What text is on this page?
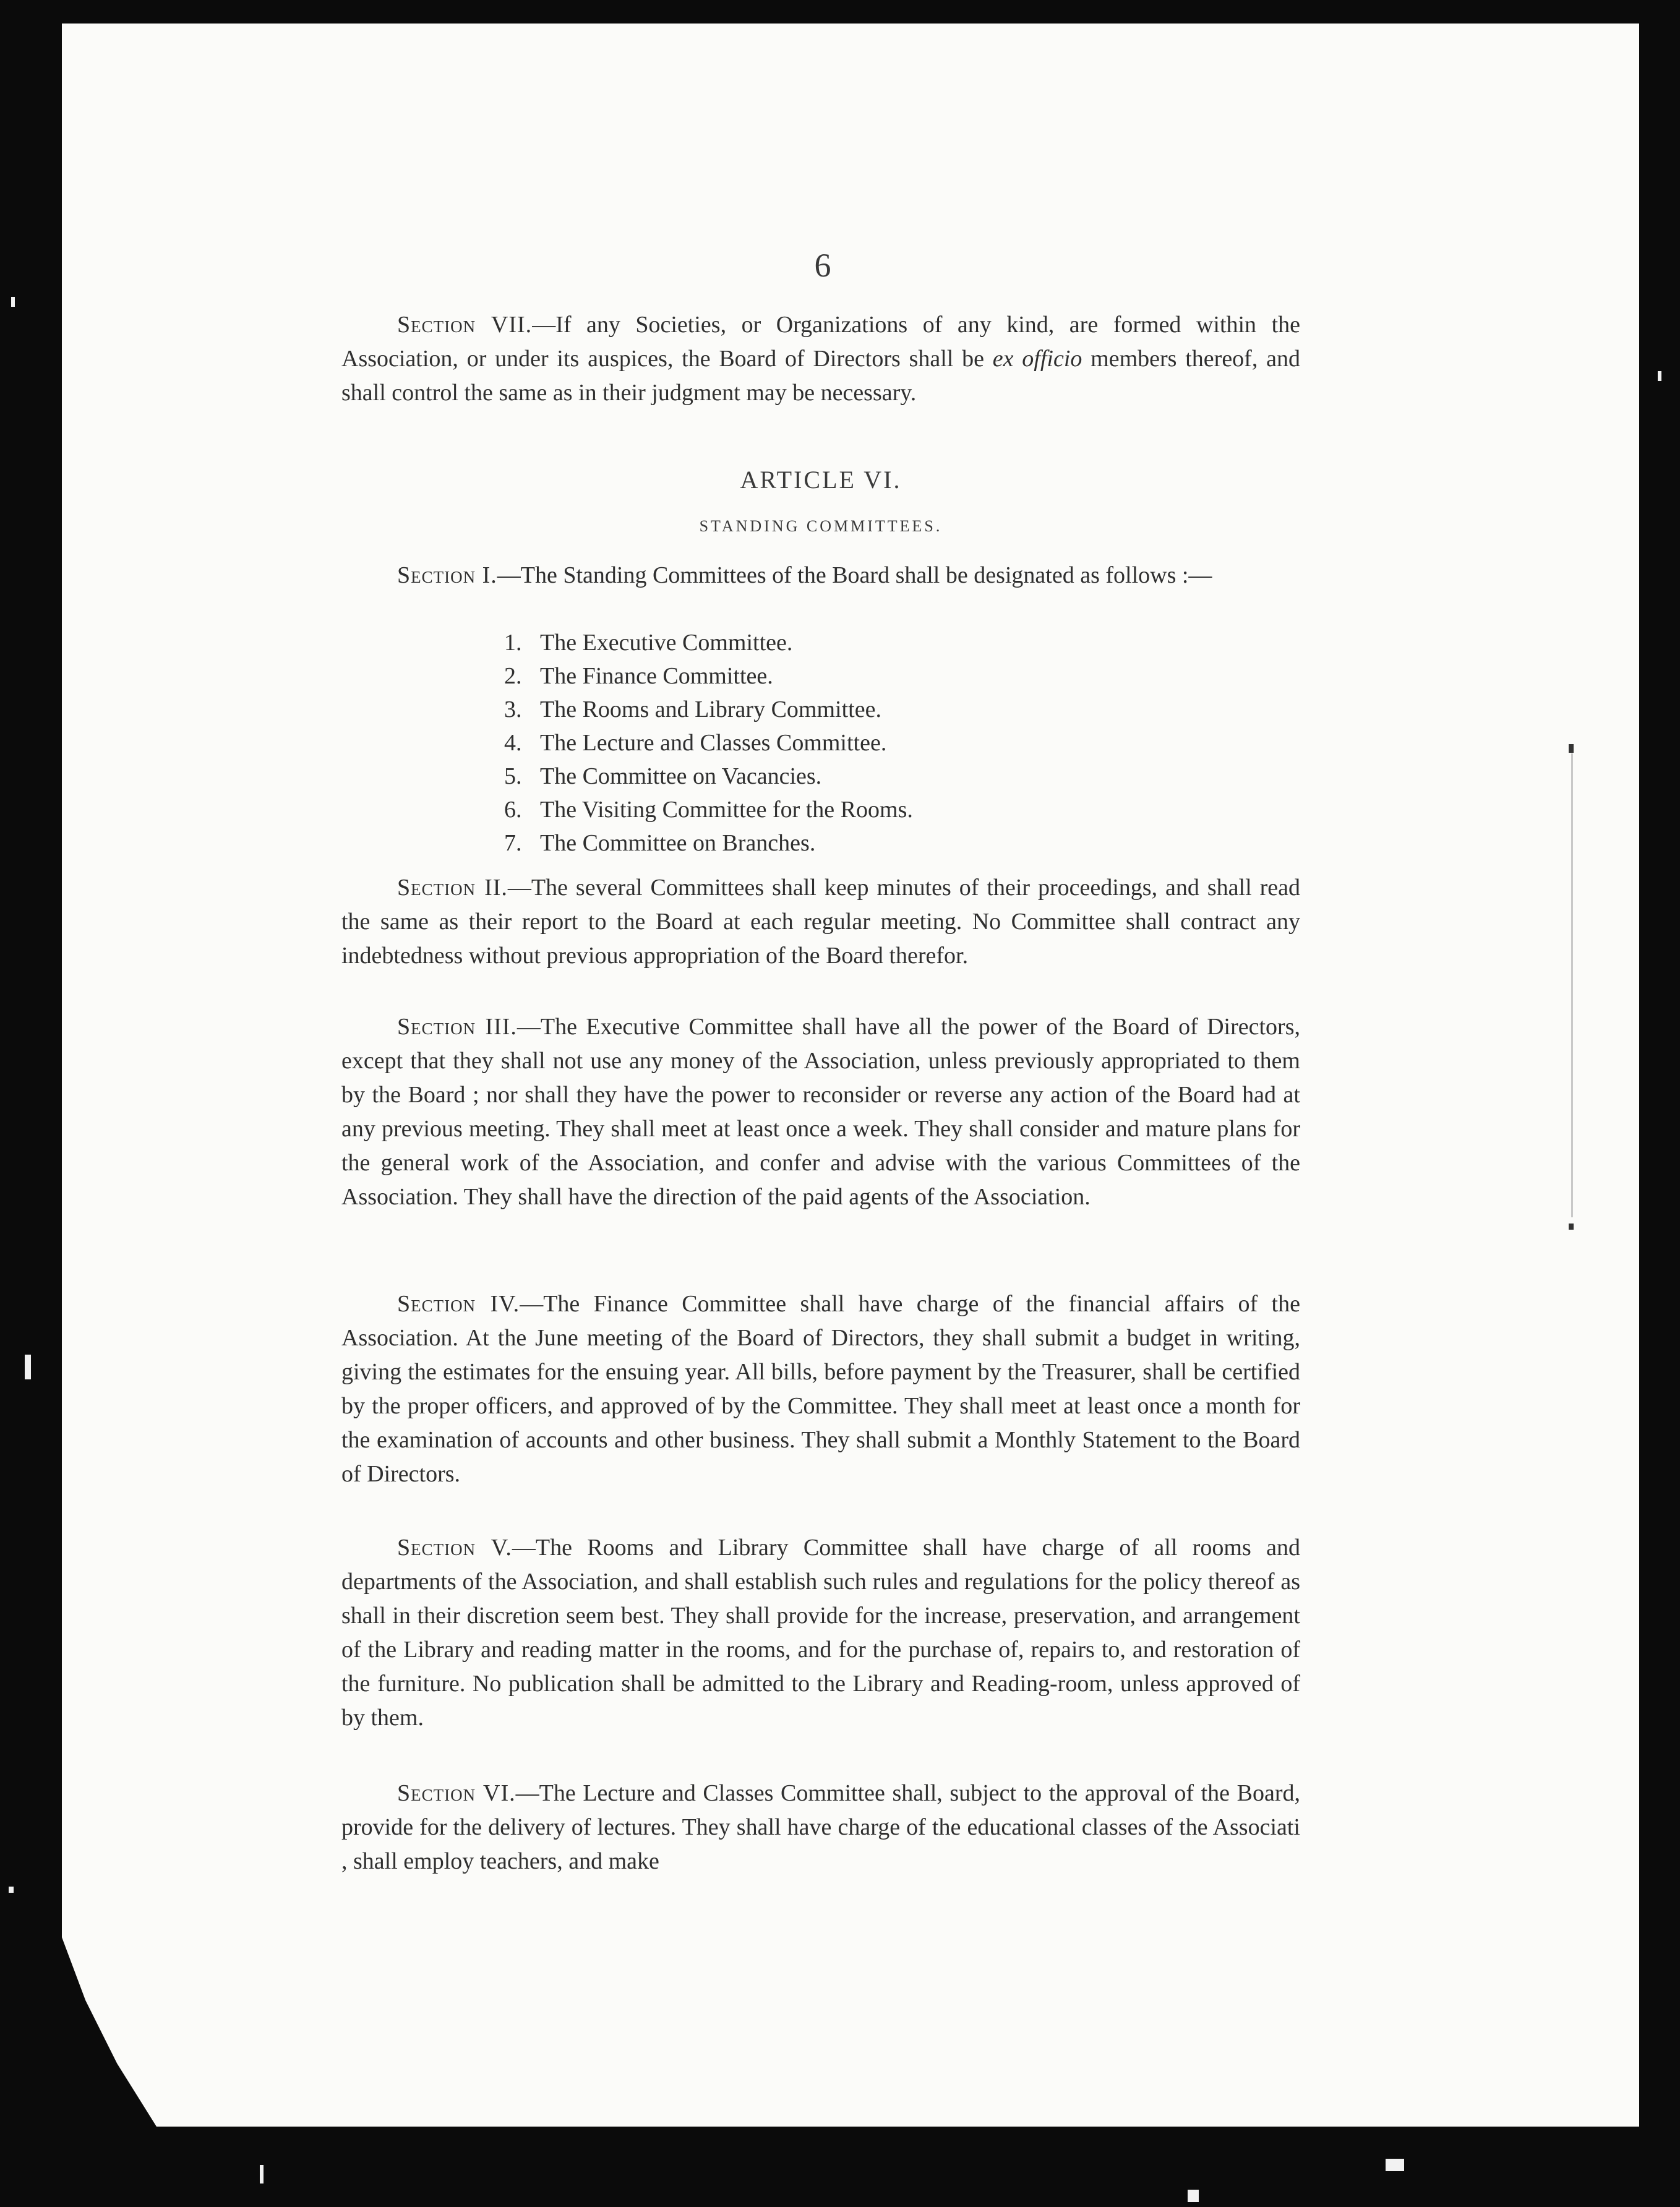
6
Section VII.—If any Societies, or Organizations of any kind, are formed within the Association, or under its auspices, the Board of Directors shall be ex officio members thereof, and shall control the same as in their judgment may be necessary.
ARTICLE VI.
STANDING COMMITTEES.
Section I.—The Standing Committees of the Board shall be designated as follows :—
1. The Executive Committee.
2. The Finance Committee.
3. The Rooms and Library Committee.
4. The Lecture and Classes Committee.
5. The Committee on Vacancies.
6. The Visiting Committee for the Rooms.
7. The Committee on Branches.
Section II.—The several Committees shall keep minutes of their proceedings, and shall read the same as their report to the Board at each regular meeting. No Committee shall contract any indebtedness without previous appropriation of the Board therefor.
Section III.—The Executive Committee shall have all the power of the Board of Directors, except that they shall not use any money of the Association, unless previously appropriated to them by the Board ; nor shall they have the power to reconsider or reverse any action of the Board had at any previous meeting. They shall meet at least once a week. They shall consider and mature plans for the general work of the Association, and confer and advise with the various Committees of the Association. They shall have the direction of the paid agents of the Association.
Section IV.—The Finance Committee shall have charge of the financial affairs of the Association. At the June meeting of the Board of Directors, they shall submit a budget in writing, giving the estimates for the ensuing year. All bills, before payment by the Treasurer, shall be certified by the proper officers, and approved of by the Committee. They shall meet at least once a month for the examination of accounts and other business. They shall submit a Monthly Statement to the Board of Directors.
Section V.—The Rooms and Library Committee shall have charge of all rooms and departments of the Association, and shall establish such rules and regulations for the policy thereof as shall in their discretion seem best. They shall provide for the increase, preservation, and arrangement of the Library and reading matter in the rooms, and for the purchase of, repairs to, and restoration of the furniture. No publication shall be admitted to the Library and Reading-room, unless approved of by them.
Section VI.—The Lecture and Classes Committee shall, subject to the approval of the Board, provide for the delivery of lectures. They shall have charge of the educational classes of the Associati , shall employ teachers, and make
